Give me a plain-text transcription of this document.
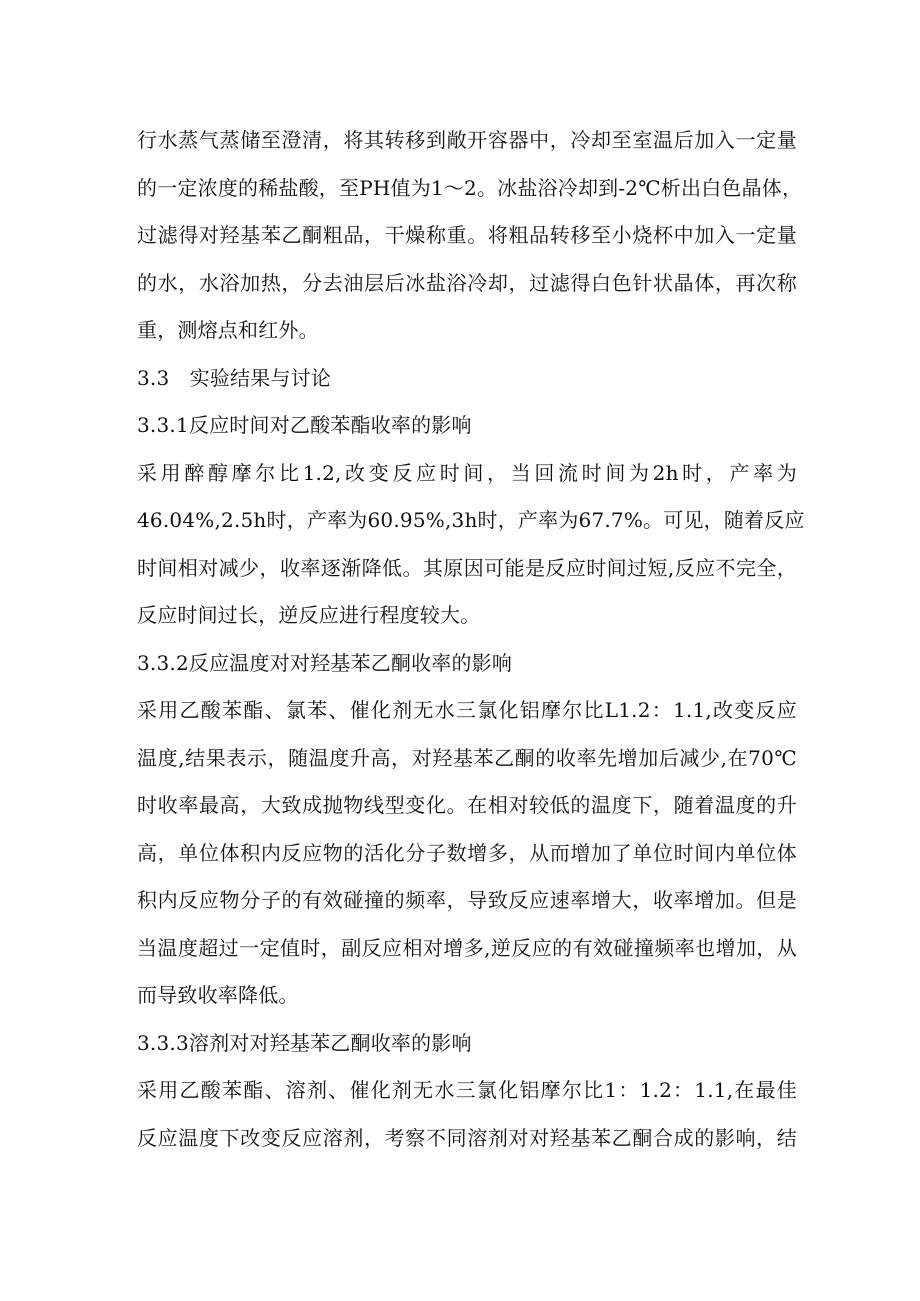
行水蒸气蒸储至澄清，将其转移到敞开容器中，冷却至室温后加入一定量
的一定浓度的稀盐酸，至PH值为1～2。冰盐浴冷却到-2℃析出白色晶体，
过滤得对羟基苯乙酮粗品，干燥称重。将粗品转移至小烧杯中加入一定量
的水，水浴加热，分去油层后冰盐浴冷却，过滤得白色针状晶体，再次称
重，测熔点和红外。
3.3　实验结果与讨论
3.3.1反应时间对乙酸苯酯收率的影响
采用醉醇摩尔比1.2,改变反应时间，当回流时间为2h时，产率为
46.04%,2.5h时，产率为60.95%,3h时，产率为67.7%。可见，随着反应
时间相对减少，收率逐渐降低。其原因可能是反应时间过短,反应不完全，
反应时间过长，逆反应进行程度较大。
3.3.2反应温度对对羟基苯乙酮收率的影响
采用乙酸苯酯、氯苯、催化剂无水三氯化铝摩尔比L1.2：1.1,改变反应
温度,结果表示，随温度升高，对羟基苯乙酮的收率先增加后减少,在70℃
时收率最高，大致成抛物线型变化。在相对较低的温度下，随着温度的升
高，单位体积内反应物的活化分子数增多，从而增加了单位时间内单位体
积内反应物分子的有效碰撞的频率，导致反应速率增大，收率增加。但是
当温度超过一定值时，副反应相对增多,逆反应的有效碰撞频率也增加，从
而导致收率降低。
3.3.3溶剂对对羟基苯乙酮收率的影响
采用乙酸苯酯、溶剂、催化剂无水三氯化铝摩尔比1：1.2：1.1,在最佳
反应温度下改变反应溶剂，考察不同溶剂对对羟基苯乙酮合成的影响，结
